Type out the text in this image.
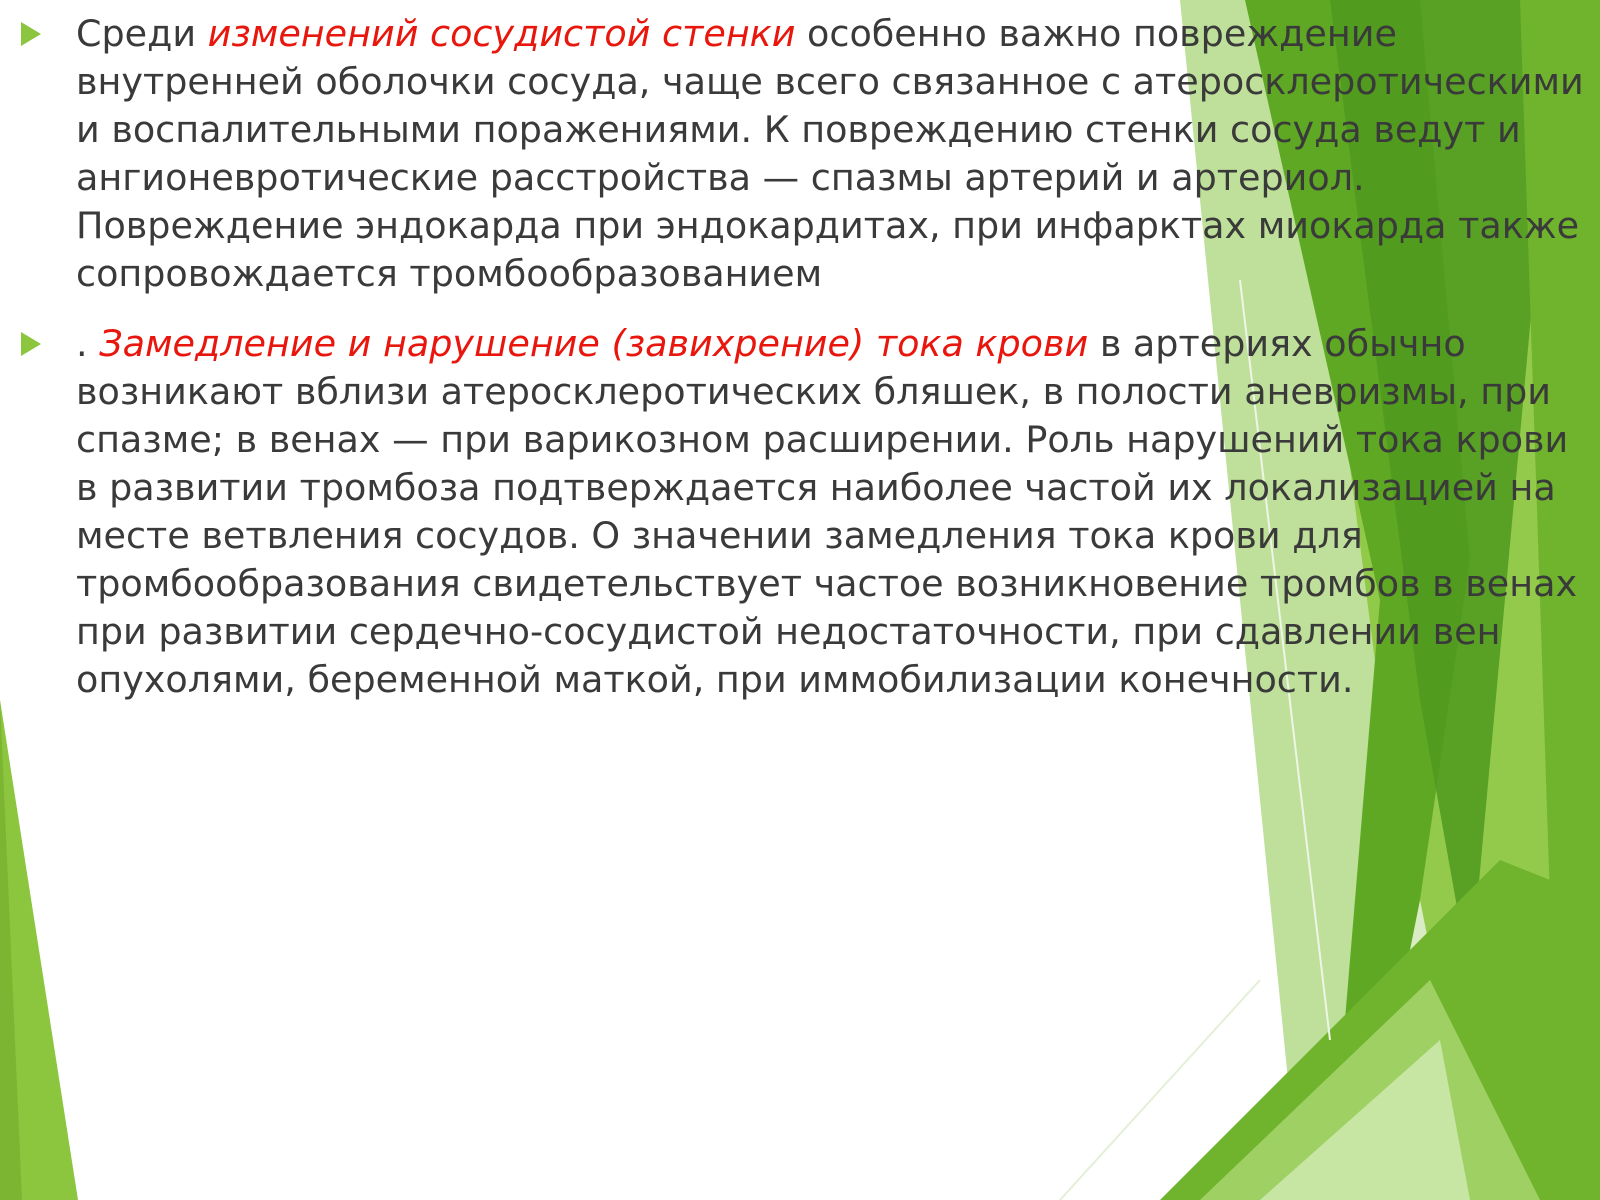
Среди изменений сосудистой стенки особенно важно повреждение внутренней оболочки сосуда, чаще всего связанное с атеросклеротическими и воспалительными поражениями. К повреждению стенки сосуда ведут и ангионевротические расстройства — спазмы артерий и артериол. Повреждение эндокарда при эндокардитах, при инфарктах миокарда также сопровождается тромбообразованием

. Замедление и нарушение (завихрение) тока крови в артериях обычно возникают вблизи атеросклеротических бляшек, в полости аневризмы, при спазме; в венах — при варикозном расширении. Роль нарушений тока крови в развитии тромбоза подтверждается наиболее частой их локализацией на месте ветвления сосудов. О значении замедления тока крови для тромбообразования свидетельствует частое возникновение тромбов в венах при развитии сердечно-сосудистой недостаточности, при сдавлении вен опухолями, беременной маткой, при иммобилизации конечности.
